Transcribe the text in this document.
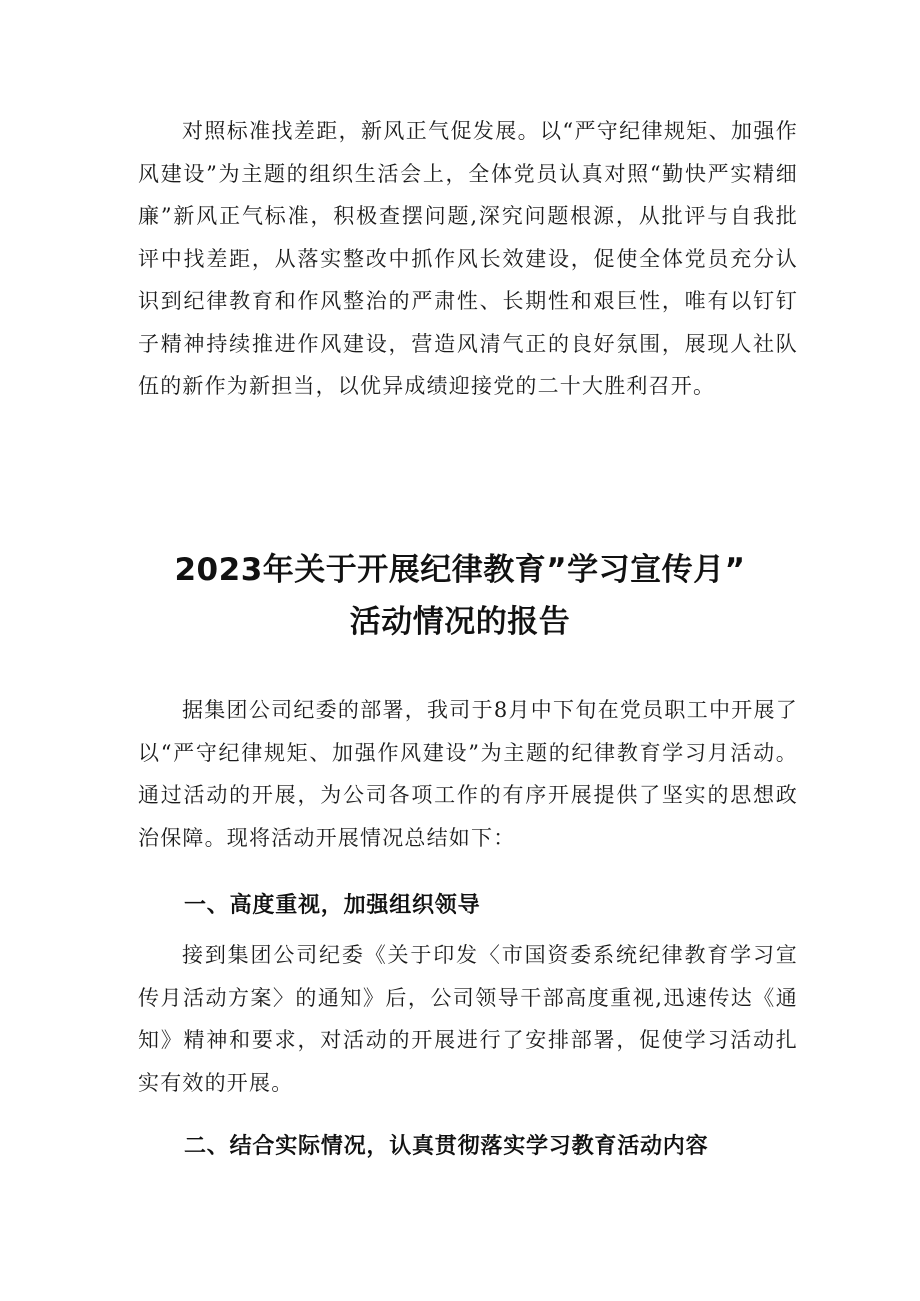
对照标准找差距，新风正气促发展。以“严守纪律规矩、加强作风建设”为主题的组织生活会上，全体党员认真对照“勤快严实精细廉”新风正气标准，积极查摆问题,深究问题根源，从批评与自我批评中找差距，从落实整改中抓作风长效建设，促使全体党员充分认识到纪律教育和作风整治的严肃性、长期性和艰巨性，唯有以钉钉子精神持续推进作风建设，营造风清气正的良好氛围，展现人社队伍的新作为新担当，以优异成绩迎接党的二十大胜利召开。

2023年关于开展纪律教育”学习宣传月”
活动情况的报告

据集团公司纪委的部署，我司于8月中下旬在党员职工中开展了以“严守纪律规矩、加强作风建设”为主题的纪律教育学习月活动。通过活动的开展，为公司各项工作的有序开展提供了坚实的思想政治保障。现将活动开展情况总结如下：

一、高度重视，加强组织领导

接到集团公司纪委《关于印发〈市国资委系统纪律教育学习宣传月活动方案〉的通知》后，公司领导干部高度重视,迅速传达《通知》精神和要求，对活动的开展进行了安排部署，促使学习活动扎实有效的开展。

二、结合实际情况，认真贯彻落实学习教育活动内容
